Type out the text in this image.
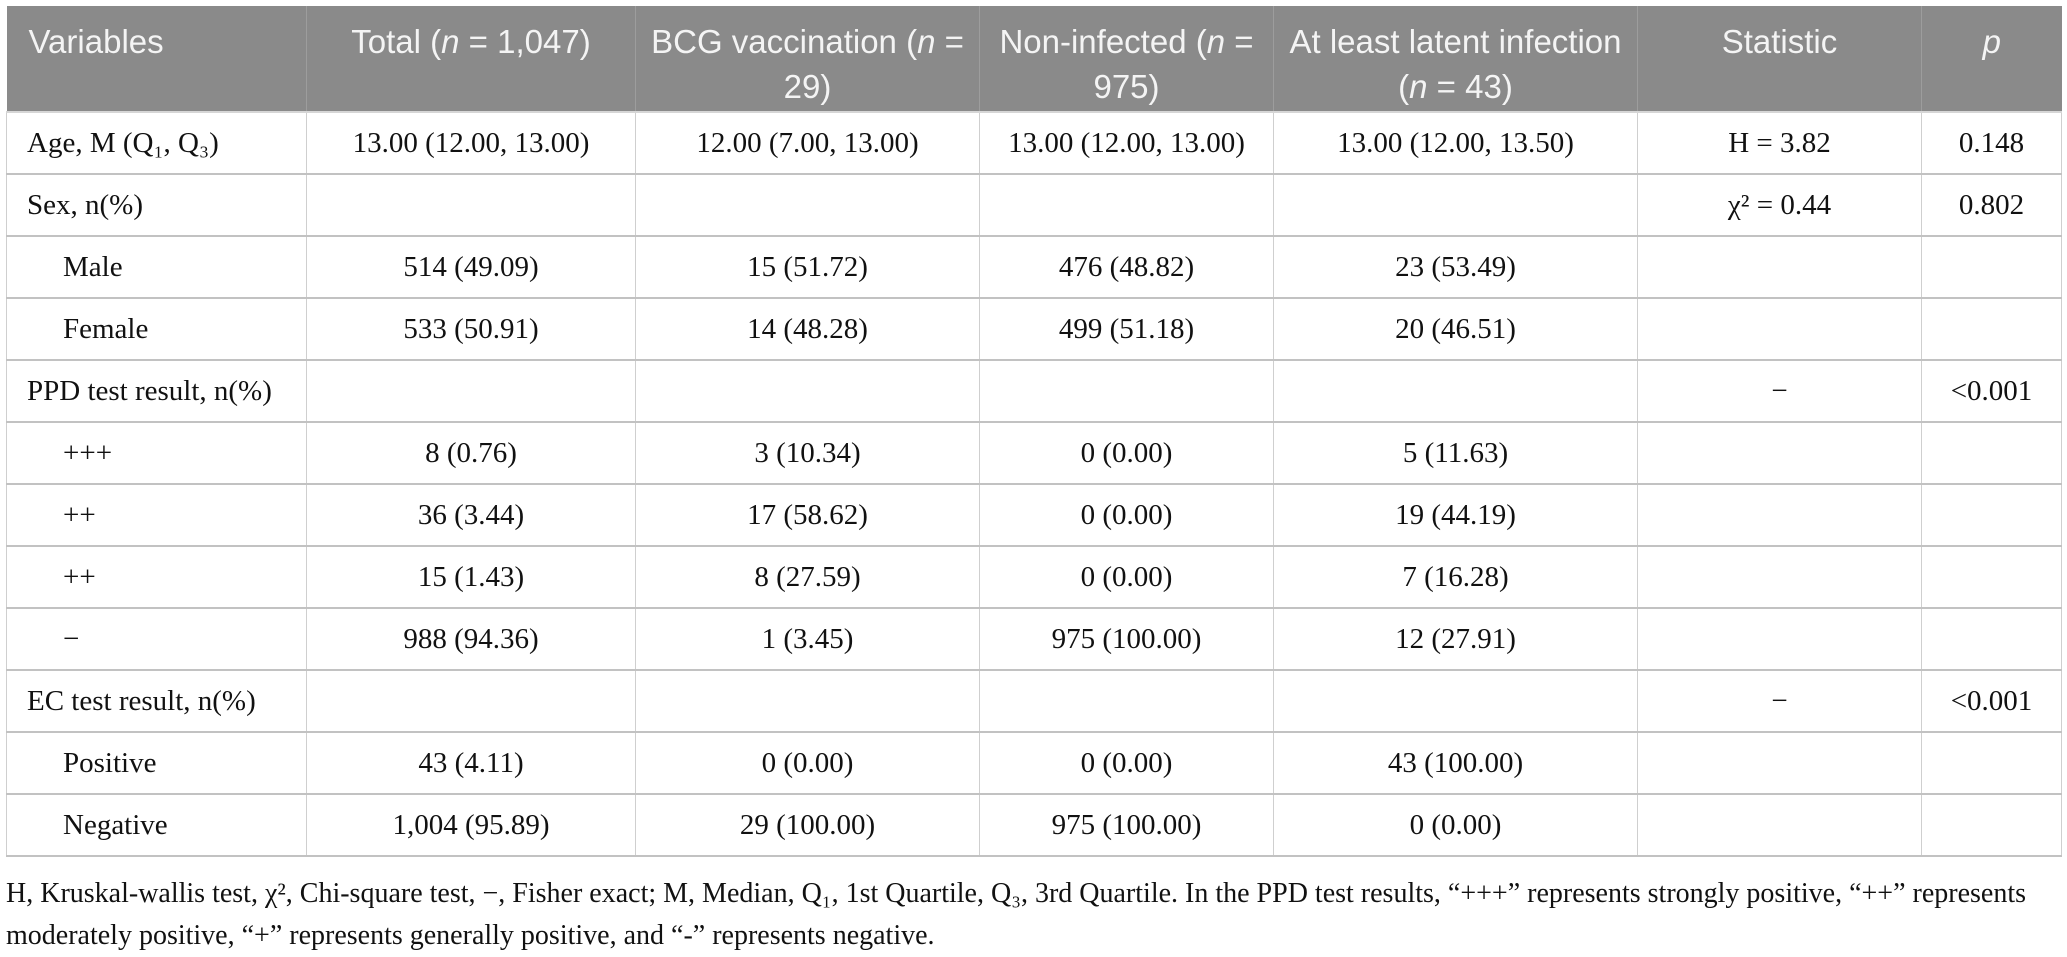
Variables	Total (n = 1,047)	BCG vaccination (n = 29)	Non-infected (n = 975)	At least latent infection (n = 43)	Statistic	p
Age, M (Q₁, Q₃)	13.00 (12.00, 13.00)	12.00 (7.00, 13.00)	13.00 (12.00, 13.00)	13.00 (12.00, 13.50)	H = 3.82	0.148
Sex, n(%)					χ² = 0.44	0.802
Male	514 (49.09)	15 (51.72)	476 (48.82)	23 (53.49)		
Female	533 (50.91)	14 (48.28)	499 (51.18)	20 (46.51)		
PPD test result, n(%)					−	<0.001
+++	8 (0.76)	3 (10.34)	0 (0.00)	5 (11.63)		
++	36 (3.44)	17 (58.62)	0 (0.00)	19 (44.19)		
++	15 (1.43)	8 (27.59)	0 (0.00)	7 (16.28)		
−	988 (94.36)	1 (3.45)	975 (100.00)	12 (27.91)		
EC test result, n(%)					−	<0.001
Positive	43 (4.11)	0 (0.00)	0 (0.00)	43 (100.00)		
Negative	1,004 (95.89)	29 (100.00)	975 (100.00)	0 (0.00)		
H, Kruskal-wallis test, χ², Chi-square test, −, Fisher exact; M, Median, Q₁, 1st Quartile, Q₃, 3rd Quartile. In the PPD test results, “+++” represents strongly positive, “++” represents moderately positive, “+” represents generally positive, and “-” represents negative.
